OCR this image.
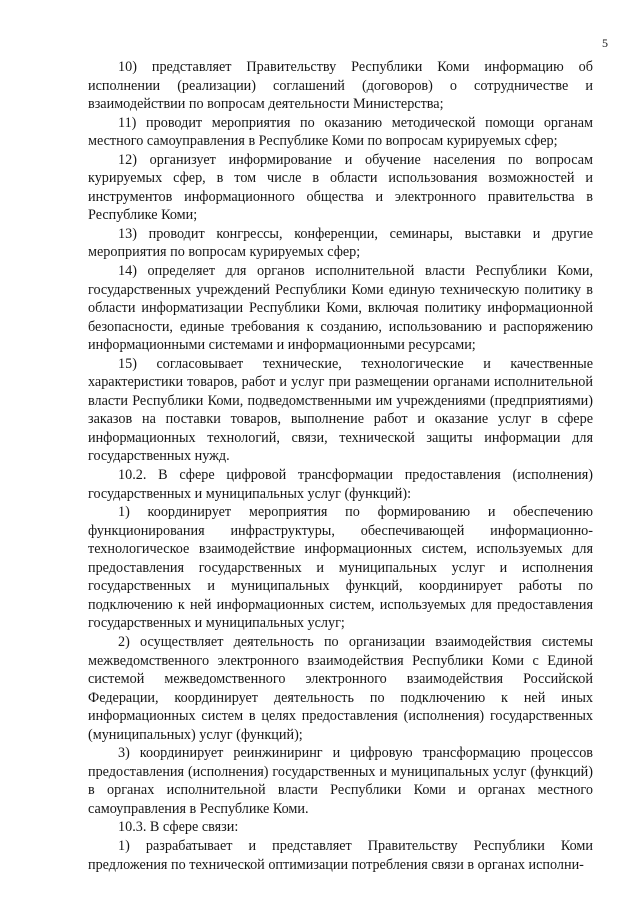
5

10) представляет Правительству Республики Коми информацию об исполнении (реализации) соглашений (договоров) о сотрудничестве и взаимодействии по вопросам деятельности Министерства;

11) проводит мероприятия по оказанию методической помощи органам местного самоуправления в Республике Коми по вопросам курируемых сфер;

12) организует информирование и обучение населения по вопросам курируемых сфер, в том числе в области использования возможностей и инструментов информационного общества и электронного правительства в Республике Коми;

13) проводит конгрессы, конференции, семинары, выставки и другие мероприятия по вопросам курируемых сфер;

14) определяет для органов исполнительной власти Республики Коми, государственных учреждений Республики Коми единую техническую политику в области информатизации Республики Коми, включая политику информационной безопасности, единые требования к созданию, использованию и распоряжению информационными системами и информационными ресурсами;

15) согласовывает технические, технологические и качественные характеристики товаров, работ и услуг при размещении органами исполнительной власти Республики Коми, подведомственными им учреждениями (предприятиями) заказов на поставки товаров, выполнение работ и оказание услуг в сфере информационных технологий, связи, технической защиты информации для государственных нужд.

10.2. В сфере цифровой трансформации предоставления (исполнения) государственных и муниципальных услуг (функций):

1) координирует мероприятия по формированию и обеспечению функционирования инфраструктуры, обеспечивающей информационно-технологическое взаимодействие информационных систем, используемых для предоставления государственных и муниципальных услуг и исполнения государственных и муниципальных функций, координирует работы по подключению к ней информационных систем, используемых для предоставления государственных и муниципальных услуг;

2) осуществляет деятельность по организации взаимодействия системы межведомственного электронного взаимодействия Республики Коми с Единой системой межведомственного электронного взаимодействия Российской Федерации, координирует деятельность по подключению к ней иных информационных систем в целях предоставления (исполнения) государственных (муниципальных) услуг (функций);

3) координирует реинжиниринг и цифровую трансформацию процессов предоставления (исполнения) государственных и муниципальных услуг (функций) в органах исполнительной власти Республики Коми и органах местного самоуправления в Республике Коми.

10.3. В сфере связи:

1) разрабатывает и представляет Правительству Республики Коми предложения по технической оптимизации потребления связи в органах исполни-
